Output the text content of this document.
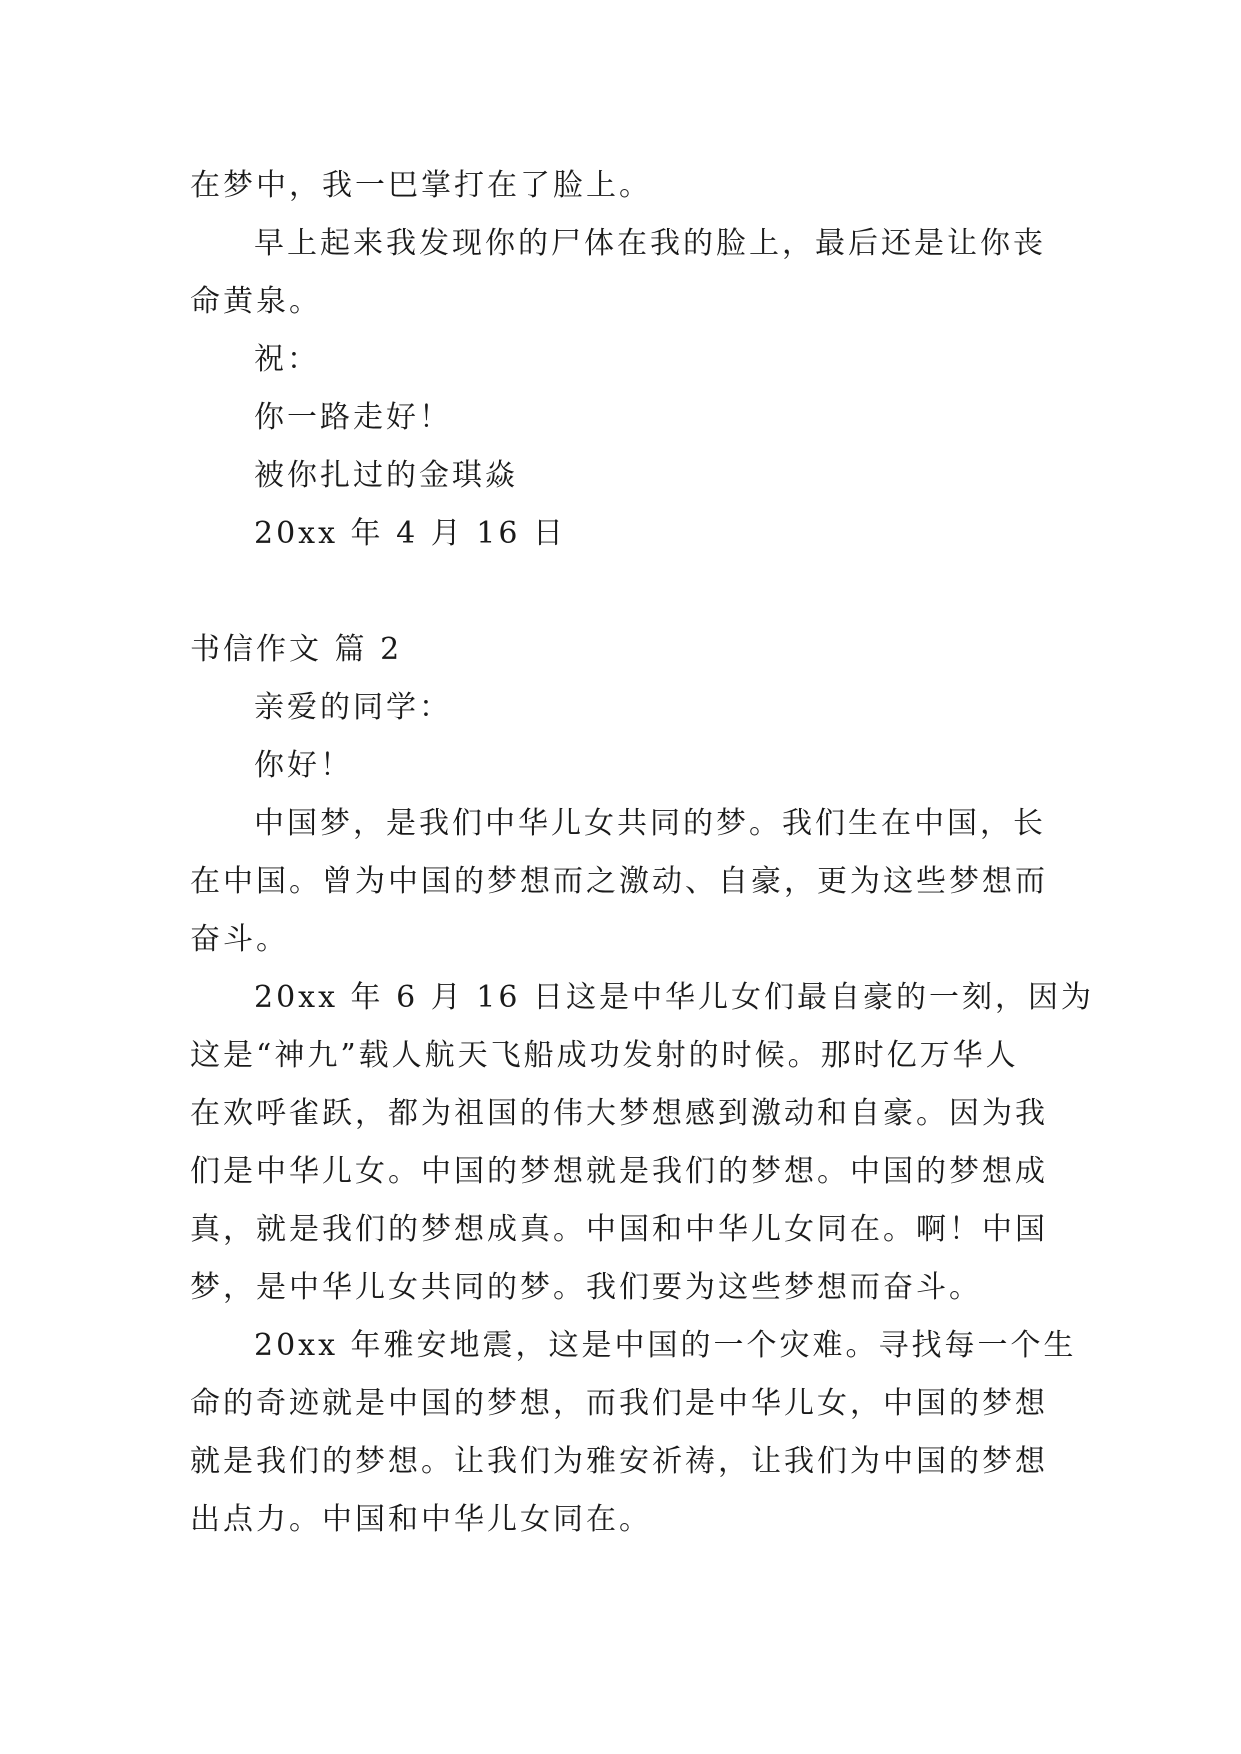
在梦中，我一巴掌打在了脸上。
早上起来我发现你的尸体在我的脸上，最后还是让你丧
命黄泉。
祝：
你一路走好！
被你扎过的金琪焱
20xx 年 4 月 16 日
书信作文 篇 2
亲爱的同学：
你好！
中国梦，是我们中华儿女共同的梦。我们生在中国，长
在中国。曾为中国的梦想而之激动、自豪，更为这些梦想而
奋斗。
20xx 年 6 月 16 日这是中华儿女们最自豪的一刻，因为
这是“神九”载人航天飞船成功发射的时候。那时亿万华人
在欢呼雀跃，都为祖国的伟大梦想感到激动和自豪。因为我
们是中华儿女。中国的梦想就是我们的梦想。中国的梦想成
真，就是我们的梦想成真。中国和中华儿女同在。啊！中国
梦，是中华儿女共同的梦。我们要为这些梦想而奋斗。
20xx 年雅安地震，这是中国的一个灾难。寻找每一个生
命的奇迹就是中国的梦想，而我们是中华儿女，中国的梦想
就是我们的梦想。让我们为雅安祈祷，让我们为中国的梦想
出点力。中国和中华儿女同在。
